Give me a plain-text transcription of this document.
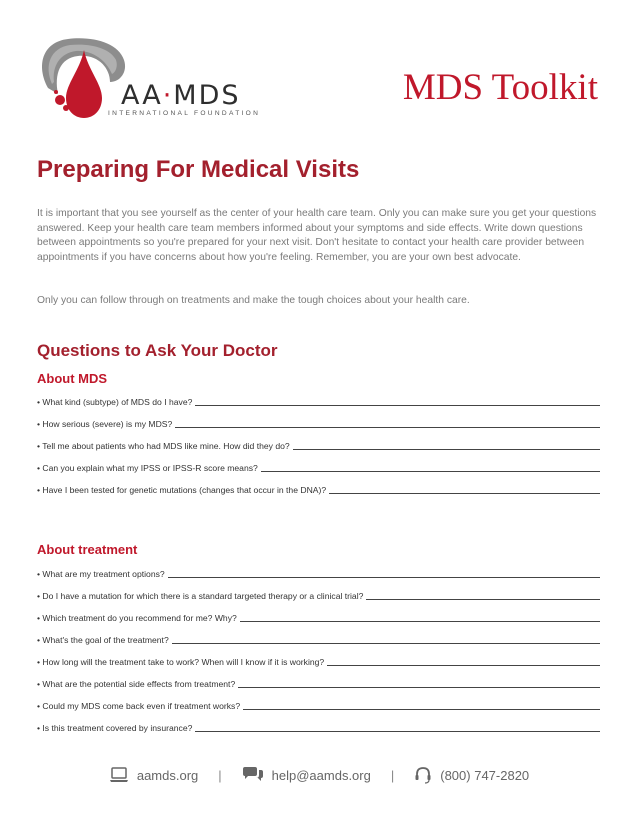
AA·MDS
INTERNATIONAL FOUNDATION
MDS Toolkit
Preparing For Medical Visits

It is important that you see yourself as the center of your health care team. Only you can make sure you get your questions answered. Keep your health care team members informed about your symptoms and side effects. Write down questions between appointments so you're prepared for your next visit. Don't hesitate to contact your health care provider between appointments if you have concerns about how you're feeling. Remember, you are your own best advocate.

Only you can follow through on treatments and make the tough choices about your health care.

Questions to Ask Your Doctor
About MDS
• What kind (subtype) of MDS do I have?
• How serious (severe) is my MDS?
• Tell me about patients who had MDS like mine. How did they do?
• Can you explain what my IPSS or IPSS-R score means?
• Have I been tested for genetic mutations (changes that occur in the DNA)?
About treatment
• What are my treatment options?
• Do I have a mutation for which there is a standard targeted therapy or a clinical trial?
• Which treatment do you recommend for me? Why?
• What's the goal of the treatment?
• How long will the treatment take to work? When will I know if it is working?
• What are the potential side effects from treatment?
• Could my MDS come back even if treatment works?
• Is this treatment covered by insurance?
aamds.org |	help@aamds.org |	(800) 747-2820
